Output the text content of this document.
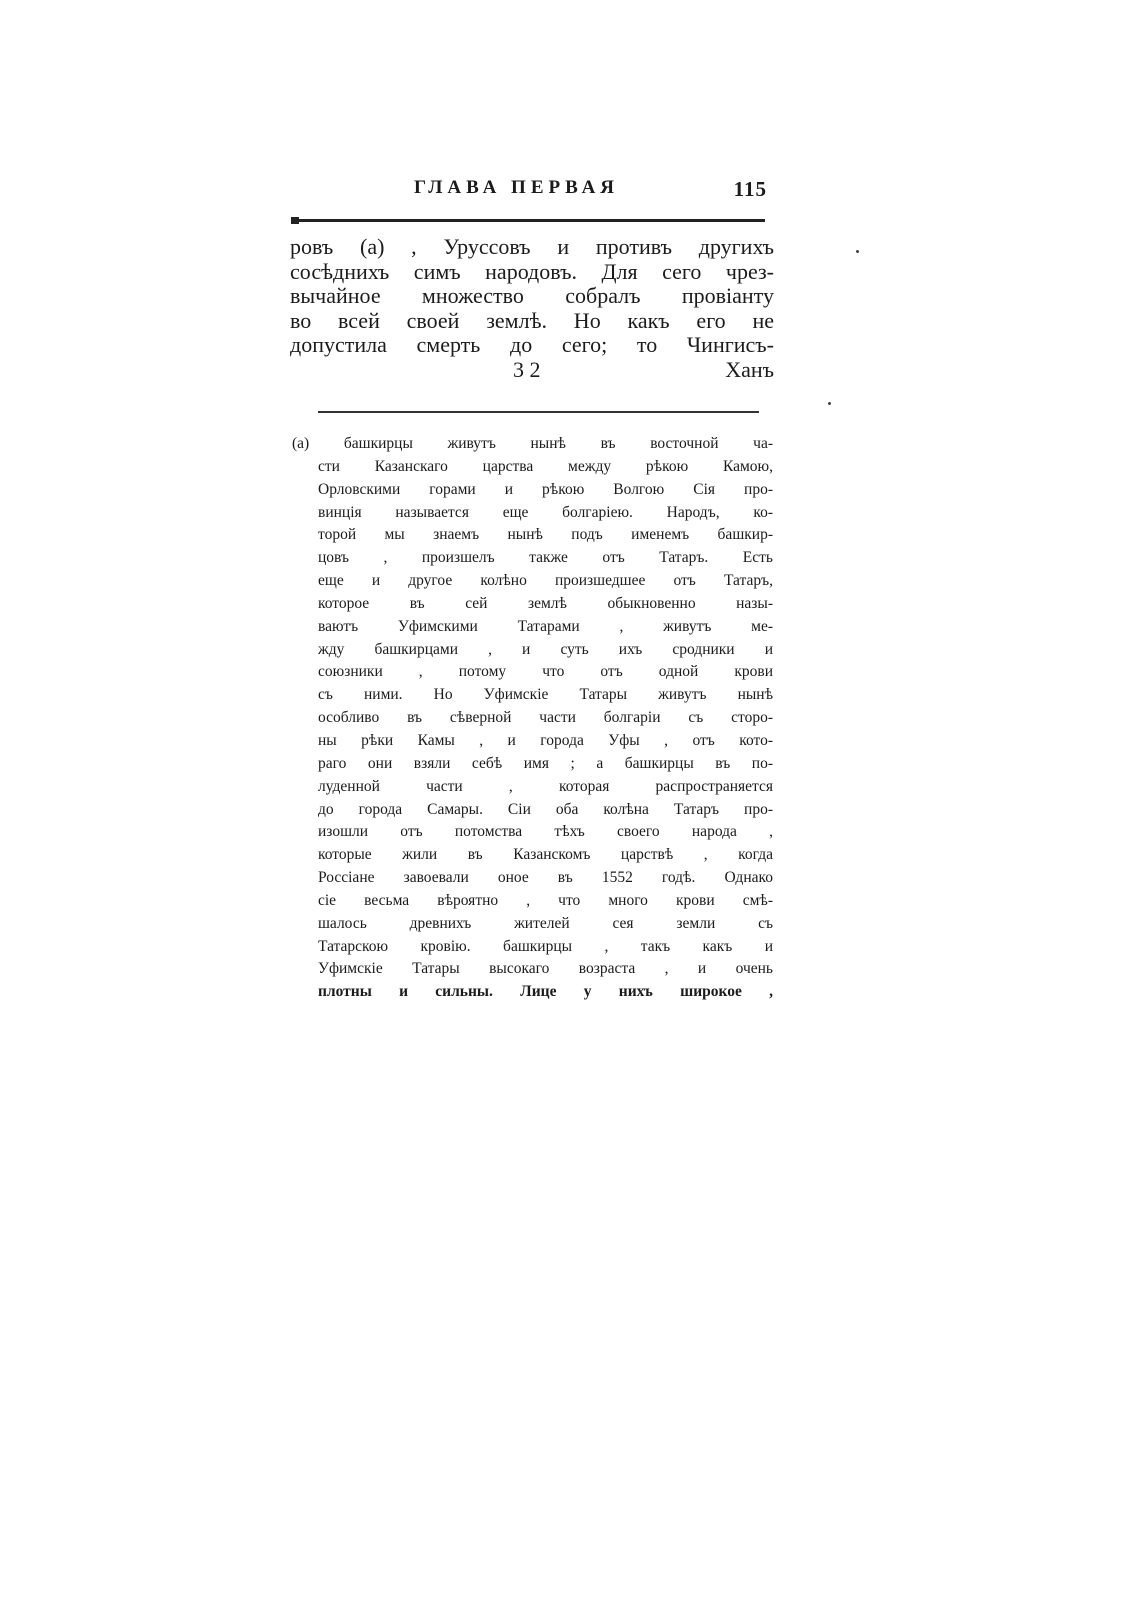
ГЛАВА ПЕРВАЯ	115
ровъ (а) , Уруссовъ и противъ другихъ
сосѣднихъ симъ народовъ. Для сего чрез-
вычайное множество собралъ провіанту
во всей своей землѣ. Но какъ его не
допустила смерть до сего; то Чингисъ-
3 2	Ханъ
(а) башкирцы живутъ нынѣ въ восточной ча-
сти Казанскаго царства между рѣкою Камою,
Орловскими горами и рѣкою Волгою Сія про-
винція называется еще болгаріею. Народъ, ко-
торой мы знаемъ нынѣ подъ именемъ башкир-
цовъ , произшелъ также отъ Татаръ. Есть
еще и другое колѣно произшедшее отъ Татаръ,
которое въ сей землѣ обыкновенно назы-
ваютъ Уфимскими Татарами , живутъ ме-
жду башкирцами , и суть ихъ сродники и
союзники , потому что отъ одной крови
съ ними. Но Уфимскіе Татары живутъ нынѣ
особливо въ сѣверной части болгаріи съ сторо-
ны рѣки Камы , и города Уфы , отъ кото-
раго они взяли себѣ имя ; а башкирцы въ по-
луденной части , которая распространяется
до города Самары. Сіи оба колѣна Татаръ про-
изошли отъ потомства тѣхъ своего народа ,
которые жили въ Казанскомъ царствѣ , когда
Россіане завоевали оное въ 1552 годѣ. Однако
сіе весьма вѣроятно , что много крови смѣ-
шалось древнихъ жителей сея земли съ
Татарскою кровію. башкирцы , такъ какъ и
Уфимскіе Татары высокаго возраста , и очень
плотны и сильны. Лице у нихъ широкое ,
